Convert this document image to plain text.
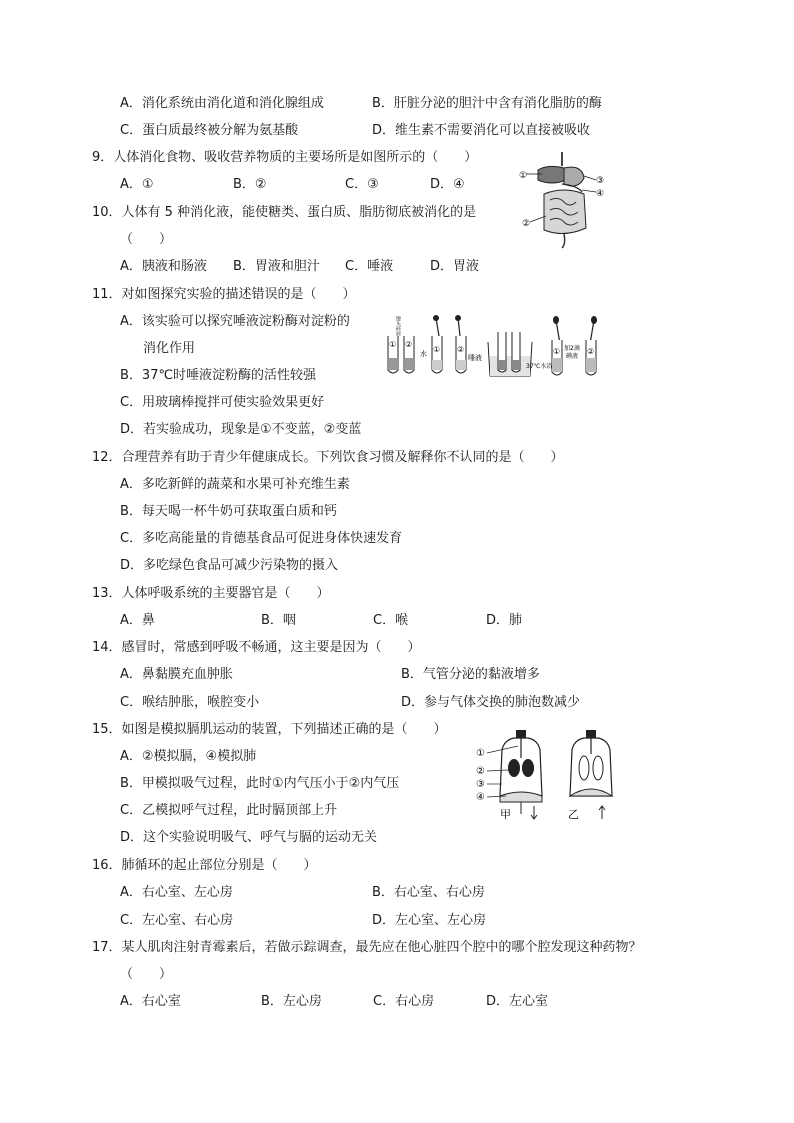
A．消化系统由消化道和消化腺组成	B．肝脏分泌的胆汁中含有消化脂肪的酶
C．蛋白质最终被分解为氨基酸	D．维生素不需要消化可以直接被吸收
9．人体消化食物、吸收营养物质的主要场所是如图所示的（　　）
A．①	B．②	C．③	D．④
①
②
③
④
10．人体有 5 种消化液，能使糖类、蛋白质、脂肪彻底被消化的是
（　　）
A．胰液和肠液 B．胃液和胆汁 C．唾液	D．胃液
11．对如图探究实验的描述错误的是（　　）
A．该实验可以探究唾液淀粉酶对淀粉的
消化作用
B．37℃时唾液淀粉酶的活性较强
C．用玻璃棒搅拌可使实验效果更好
D．若实验成功，现象是①不变蓝，②变蓝
① ②
馒头碎屑
①
水	②
唾液
37℃水浴
①	②
加2滴
碘液
12．合理营养有助于青少年健康成长。下列饮食习惯及解释你不认同的是（　　）
A．多吃新鲜的蔬菜和水果可补充维生素
B．每天喝一杯牛奶可获取蛋白质和钙
C．多吃高能量的肯德基食品可促进身体快速发育
D．多吃绿色食品可减少污染物的摄入
13．人体呼吸系统的主要器官是（　　）
A．鼻	B．咽	C．喉	D．肺
14．感冒时，常感到呼吸不畅通，这主要是因为（　　）
A．鼻黏膜充血肿胀	B．气管分泌的黏液增多
C．喉结肿胀，喉腔变小	D．参与气体交换的肺泡数减少
15．如图是模拟膈肌运动的装置，下列描述正确的是（　　）
A．②模拟膈，④模拟肺
B．甲模拟吸气过程，此时①内气压小于②内气压
C．乙模拟呼气过程，此时膈顶部上升
D．这个实验说明吸气、呼气与膈的运动无关
①
②
③
④
甲	乙
16．肺循环的起止部位分别是（　　）
A．右心室、左心房	B．右心室、右心房
C．左心室、右心房	D．左心室、左心房
17．某人肌肉注射青霉素后，若做示踪调查，最先应在他心脏四个腔中的哪个腔发现这种药物？
（　　）
A．右心室	B．左心房	C．右心房	D．左心室
